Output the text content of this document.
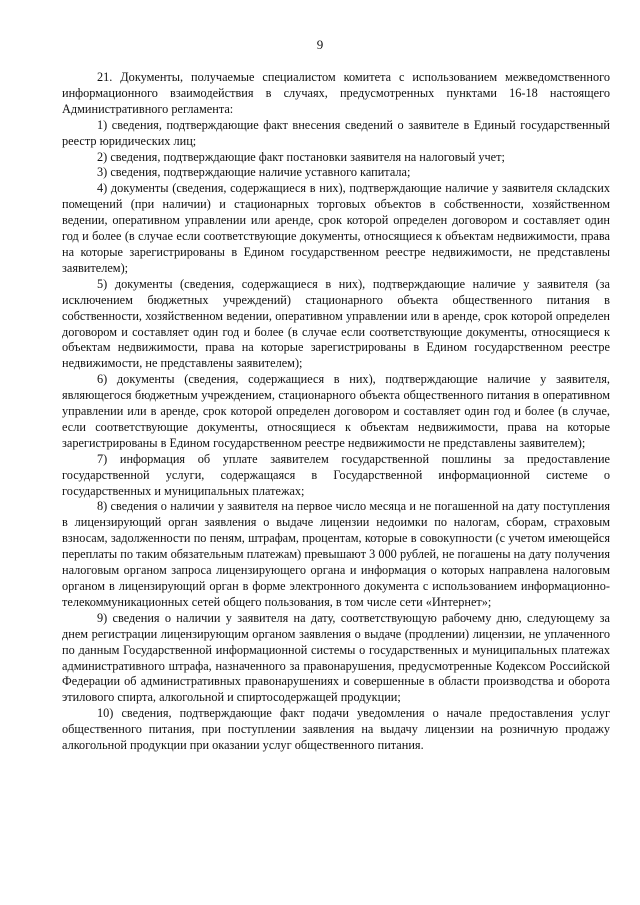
9

21. Документы, получаемые специалистом комитета с использованием межведомственного информационного взаимодействия в случаях, предусмотренных пунктами 16-18 настоящего Административного регламента:

1) сведения, подтверждающие факт внесения сведений о заявителе в Единый государственный реестр юридических лиц;

2) сведения, подтверждающие факт постановки заявителя на налоговый учет;

3) сведения, подтверждающие наличие уставного капитала;

4) документы (сведения, содержащиеся в них), подтверждающие наличие у заявителя складских помещений (при наличии) и стационарных торговых объектов в собственности, хозяйственном ведении, оперативном управлении или аренде, срок которой определен договором и составляет один год и более (в случае если соответствующие документы, относящиеся к объектам недвижимости, права на которые зарегистрированы в Едином государственном реестре недвижимости, не представлены заявителем);

5) документы (сведения, содержащиеся в них), подтверждающие наличие у заявителя (за исключением бюджетных учреждений) стационарного объекта общественного питания в собственности, хозяйственном ведении, оперативном управлении или в аренде, срок которой определен договором и составляет один год и более (в случае если соответствующие документы, относящиеся к объектам недвижимости, права на которые зарегистрированы в Едином государственном реестре недвижимости, не представлены заявителем);

6) документы (сведения, содержащиеся в них), подтверждающие наличие у заявителя, являющегося бюджетным учреждением, стационарного объекта общественного питания в оперативном управлении или в аренде, срок которой определен договором и составляет один год и более (в случае, если соответствующие документы, относящиеся к объектам недвижимости, права на которые зарегистрированы в Едином государственном реестре недвижимости не представлены заявителем);

7) информация об уплате заявителем государственной пошлины за предоставление государственной услуги, содержащаяся в Государственной информационной системе о государственных и муниципальных платежах;

8) сведения о наличии у заявителя на первое число месяца и не погашенной на дату поступления в лицензирующий орган заявления о выдаче лицензии недоимки по налогам, сборам, страховым взносам, задолженности по пеням, штрафам, процентам, которые в совокупности (с учетом имеющейся переплаты по таким обязательным платежам) превышают 3 000 рублей, не погашены на дату получения налоговым органом запроса лицензирующего органа и информация о которых направлена налоговым органом в лицензирующий орган в форме электронного документа с использованием информационно-телекоммуникационных сетей общего пользования, в том числе сети «Интернет»;

9) сведения о наличии у заявителя на дату, соответствующую рабочему дню, следующему за днем регистрации лицензирующим органом заявления о выдаче (продлении) лицензии, не уплаченного по данным Государственной информационной системы о государственных и муниципальных платежах административного штрафа, назначенного за правонарушения, предусмотренные Кодексом Российской Федерации об административных правонарушениях и совершенные в области производства и оборота этилового спирта, алкогольной и спиртосодержащей продукции;

10) сведения, подтверждающие факт подачи уведомления о начале предоставления услуг общественного питания, при поступлении заявления на выдачу лицензии на розничную продажу алкогольной продукции при оказании услуг общественного питания.
